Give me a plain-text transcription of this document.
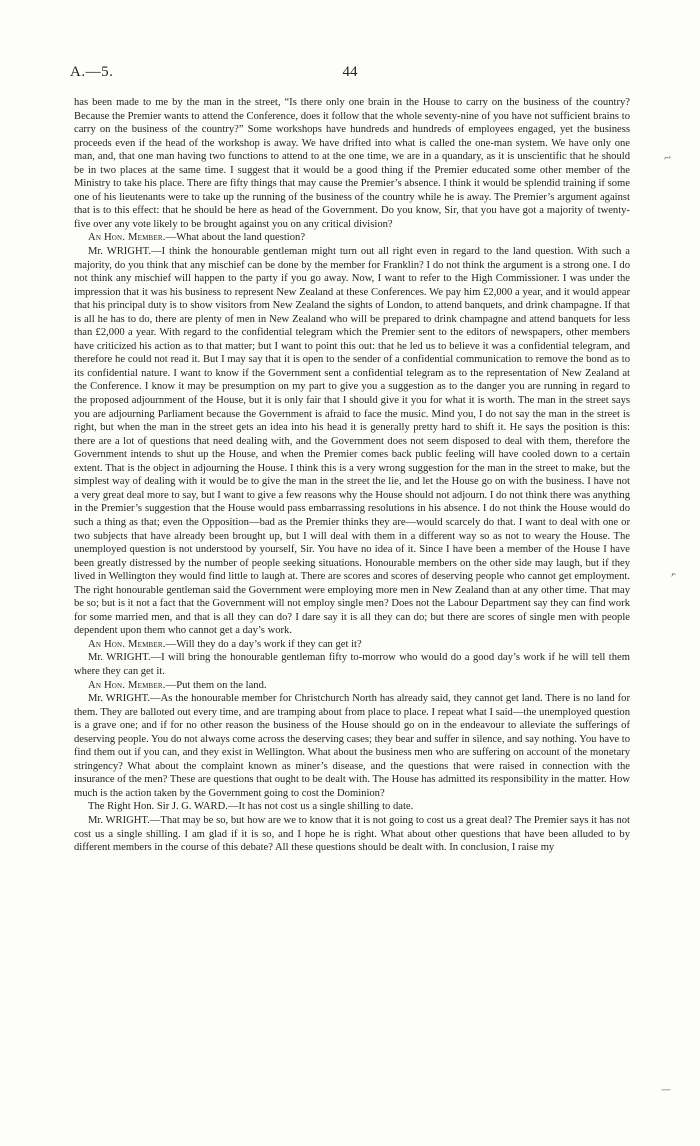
A.—5.	44

has been made to me by the man in the street, “Is there only one brain in the House to carry on the business of the country? Because the Premier wants to attend the Conference, does it follow that the whole seventy-nine of you have not sufficient brains to carry on the business of the country?” Some workshops have hundreds and hundreds of employees engaged, yet the business proceeds even if the head of the workshop is away. We have drifted into what is called the one-man system. We have only one man, and, that one man having two functions to attend to at the one time, we are in a quandary, as it is unscientific that he should be in two places at the same time. I suggest that it would be a good thing if the Premier educated some other member of the Ministry to take his place. There are fifty things that may cause the Premier’s absence. I think it would be splendid training if some one of his lieutenants were to take up the running of the business of the country while he is away. The Premier’s argument against that is to this effect: that he should be here as head of the Government. Do you know, Sir, that you have got a majority of twenty-five over any vote likely to be brought against you on any critical division?

An Hon. Member.—What about the land question?

Mr. WRIGHT.—I think the honourable gentleman might turn out all right even in regard to the land question. With such a majority, do you think that any mischief can be done by the member for Franklin? I do not think the argument is a strong one. I do not think any mischief will happen to the party if you go away. Now, I want to refer to the High Commissioner. I was under the impression that it was his business to represent New Zealand at these Conferences. We pay him £2,000 a year, and it would appear that his principal duty is to show visitors from New Zealand the sights of London, to attend banquets, and drink champagne. If that is all he has to do, there are plenty of men in New Zealand who will be prepared to drink champagne and attend banquets for less than £2,000 a year. With regard to the confidential telegram which the Premier sent to the editors of newspapers, other members have criticized his action as to that matter; but I want to point this out: that he led us to believe it was a confidential telegram, and therefore he could not read it. But I may say that it is open to the sender of a confidential communication to remove the bond as to its confidential nature. I want to know if the Government sent a confidential telegram as to the representation of New Zealand at the Conference. I know it may be presumption on my part to give you a suggestion as to the danger you are running in regard to the proposed adjournment of the House, but it is only fair that I should give it you for what it is worth. The man in the street says you are adjourning Parliament because the Government is afraid to face the music. Mind you, I do not say the man in the street is right, but when the man in the street gets an idea into his head it is generally pretty hard to shift it. He says the position is this: there are a lot of questions that need dealing with, and the Government does not seem disposed to deal with them, therefore the Government intends to shut up the House, and when the Premier comes back public feeling will have cooled down to a certain extent. That is the object in adjourning the House. I think this is a very wrong suggestion for the man in the street to make, but the simplest way of dealing with it would be to give the man in the street the lie, and let the House go on with the business. I have not a very great deal more to say, but I want to give a few reasons why the House should not adjourn. I do not think there was anything in the Premier’s suggestion that the House would pass embarrassing resolutions in his absence. I do not think the House would do such a thing as that; even the Opposition—bad as the Premier thinks they are—would scarcely do that. I want to deal with one or two subjects that have already been brought up, but I will deal with them in a different way so as not to weary the House. The unemployed question is not understood by yourself, Sir. You have no idea of it. Since I have been a member of the House I have been greatly distressed by the number of people seeking situations. Honourable members on the other side may laugh, but if they lived in Wellington they would find little to laugh at. There are scores and scores of deserving people who cannot get employment. The right honourable gentleman said the Government were employing more men in New Zealand than at any other time. That may be so; but is it not a fact that the Government will not employ single men? Does not the Labour Department say they can find work for some married men, and that is all they can do? I dare say it is all they can do; but there are scores of single men with people dependent upon them who cannot get a day’s work.

An Hon. Member.—Will they do a day’s work if they can get it?

Mr. WRIGHT.—I will bring the honourable gentleman fifty to-morrow who would do a good day’s work if he will tell them where they can get it.

An Hon. Member.—Put them on the land.

Mr. WRIGHT.—As the honourable member for Christchurch North has already said, they cannot get land. There is no land for them. They are balloted out every time, and are tramping about from place to place. I repeat what I said—the unemployed question is a grave one; and if for no other reason the business of the House should go on in the endeavour to alleviate the sufferings of deserving people. You do not always come across the deserving cases; they bear and suffer in silence, and say nothing. You have to find them out if you can, and they exist in Wellington. What about the business men who are suffering on account of the monetary stringency? What about the complaint known as miner’s disease, and the questions that were raised in connection with the insurance of the men? These are questions that ought to be dealt with. The House has admitted its responsibility in the matter. How much is the action taken by the Government going to cost the Dominion?

The Right Hon. Sir J. G. WARD.—It has not cost us a single shilling to date.

Mr. WRIGHT.—That may be so, but how are we to know that it is not going to cost us a great deal? The Premier says it has not cost us a single shilling. I am glad if it is so, and I hope he is right. What about other questions that have been alluded to by different members in the course of this debate? All these questions should be dealt with. In conclusion, I raise my

~
‹
/
